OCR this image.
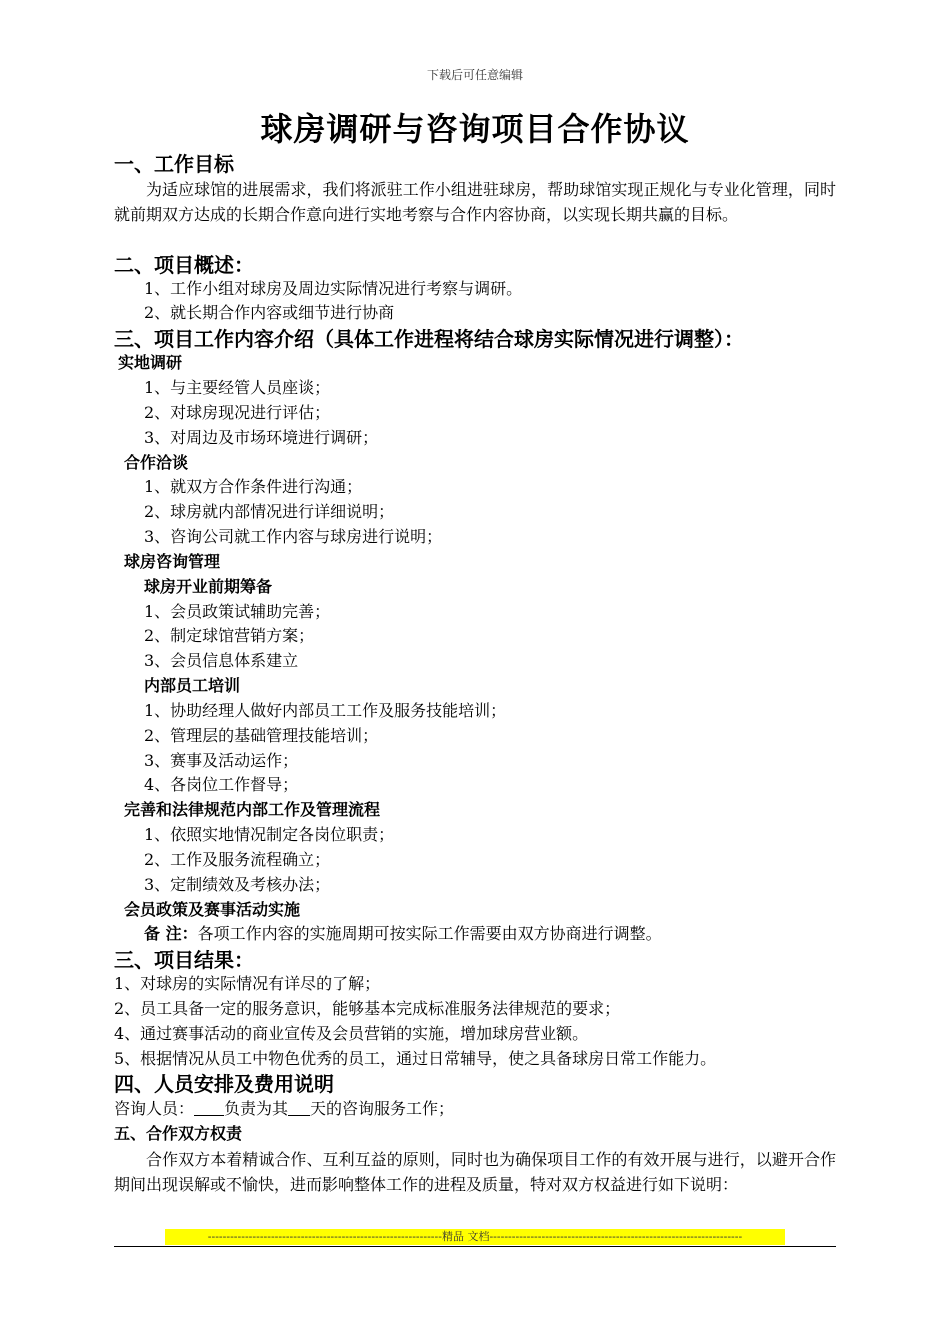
下载后可任意编辑
球房调研与咨询项目合作协议
一、工作目标
为适应球馆的进展需求，我们将派驻工作小组进驻球房，帮助球馆实现正规化与专业化管理，同时就前期双方达成的长期合作意向进行实地考察与合作内容协商，以实现长期共赢的目标。
二、项目概述：
1、工作小组对球房及周边实际情况进行考察与调研。
2、就长期合作内容或细节进行协商
三、项目工作内容介绍（具体工作进程将结合球房实际情况进行调整）：
实地调研
1、与主要经管人员座谈；
2、对球房现况进行评估；
3、对周边及市场环境进行调研；
合作洽谈
1、就双方合作条件进行沟通；
2、球房就内部情况进行详细说明；
3、咨询公司就工作内容与球房进行说明；
球房咨询管理
球房开业前期筹备
1、会员政策试辅助完善；
2、制定球馆营销方案；
3、会员信息体系建立
内部员工培训
1、协助经理人做好内部员工工作及服务技能培训；
2、管理层的基础管理技能培训；
3、赛事及活动运作；
4、各岗位工作督导；
完善和法律规范内部工作及管理流程
1、依照实地情况制定各岗位职责；
2、工作及服务流程确立；
3、定制绩效及考核办法；
会员政策及赛事活动实施
备 注：各项工作内容的实施周期可按实际工作需要由双方协商进行调整。
三、项目结果：
1、对球房的实际情况有详尽的了解；
2、员工具备一定的服务意识，能够基本完成标准服务法律规范的要求；
4、通过赛事活动的商业宣传及会员营销的实施，增加球房营业额。
5、根据情况从员工中物色优秀的员工，通过日常辅导，使之具备球房日常工作能力。
四、人员安排及费用说明
咨询人员： 负责为其 天的咨询服务工作；
五、合作双方权责
合作双方本着精诚合作、互利互益的原则，同时也为确保项目工作的有效开展与进行，以避开合作期间出现误解或不愉快，进而影响整体工作的进程及质量，特对双方权益进行如下说明：
---------------------------------------------------------------精品 文档--------------------------------------------------------------------
